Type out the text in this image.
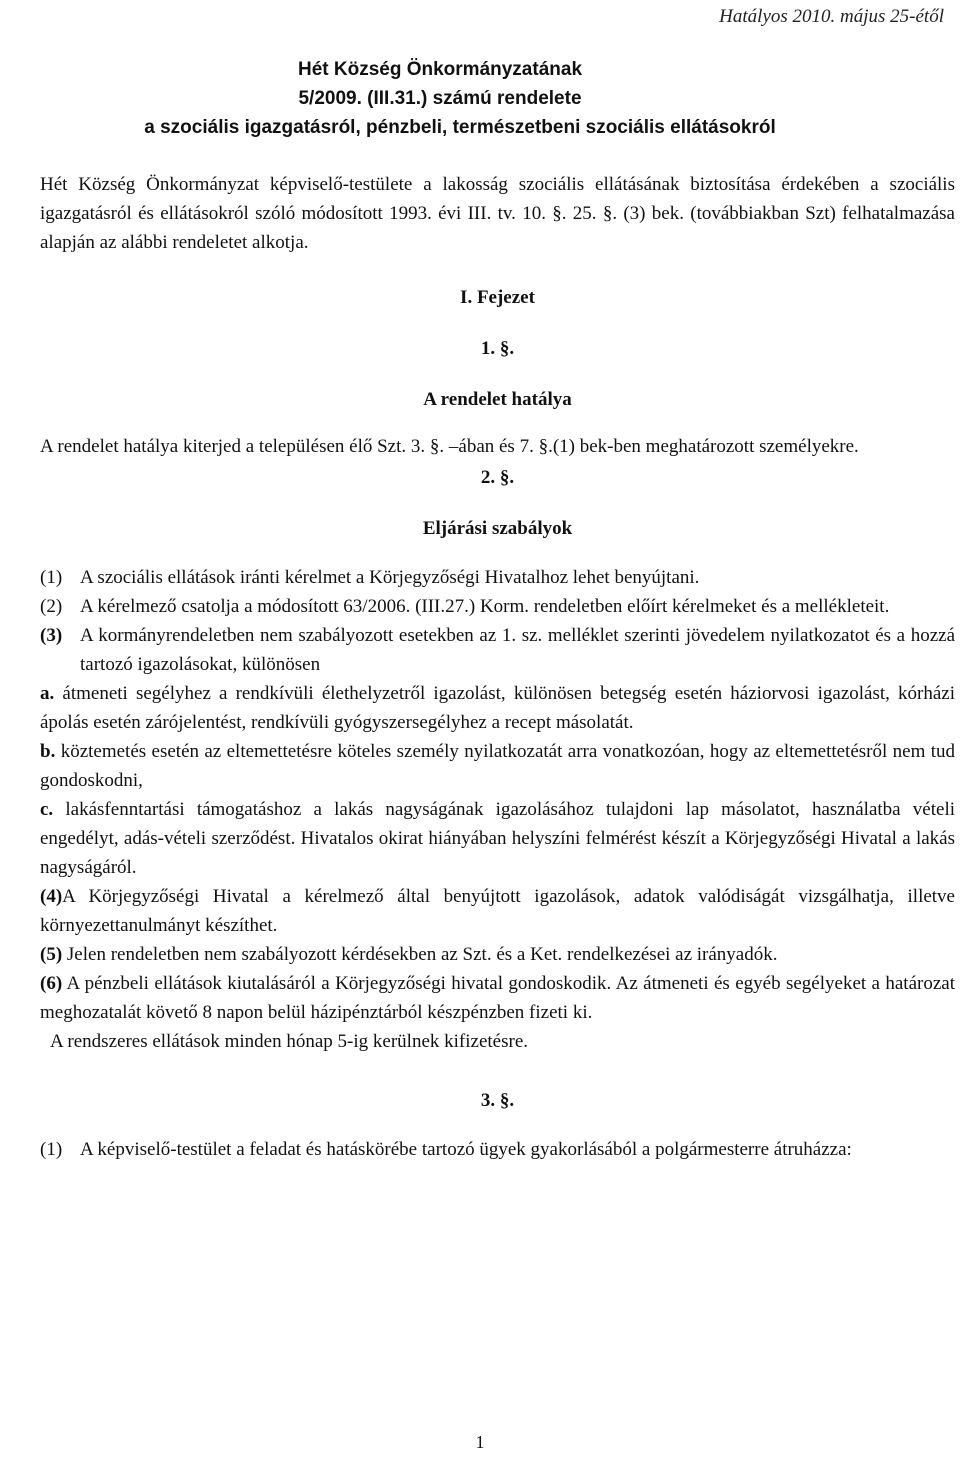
Hatályos 2010. május 25-étől
Hét Község Önkormányzatának
5/2009. (III.31.) számú rendelete
a szociális igazgatásról, pénzbeli, természetbeni szociális ellátásokról

Hét Község Önkormányzat képviselő-testülete a lakosság szociális ellátásának biztosítása érdekében a szociális igazgatásról és ellátásokról szóló módosított 1993. évi III. tv. 10. §. 25. §. (3) bek. (továbbiakban Szt) felhatalmazása alapján az alábbi rendeletet alkotja.

I. Fejezet

1. §.

A rendelet hatálya

A rendelet hatálya kiterjed a településen élő Szt. 3. §. –ában és 7. §.(1) bek-ben meghatározott személyekre.

2. §.

Eljárási szabályok

(1) A szociális ellátások iránti kérelmet a Körjegyzőségi Hivatalhoz lehet benyújtani.
(2) A kérelmező csatolja a módosított 63/2006. (III.27.) Korm. rendeletben előírt kérelmeket és a mellékleteit.
(3) A kormányrendeletben nem szabályozott esetekben az 1. sz. melléklet szerinti jövedelem nyilatkozatot és a hozzá tartozó igazolásokat, különösen

a. átmeneti segélyhez a rendkívüli élethelyzetről igazolást, különösen betegség esetén háziorvosi igazolást, kórházi ápolás esetén zárójelentést, rendkívüli gyógyszersegélyhez a recept másolatát.

b. köztemetés esetén az eltemettetésre köteles személy nyilatkozatát arra vonatkozóan, hogy az eltemettetésről nem tud gondoskodni,

c. lakásfenntartási támogatáshoz a lakás nagyságának igazolásához tulajdoni lap másolatot, használatba vételi engedélyt, adás-vételi szerződést. Hivatalos okirat hiányában helyszíni felmérést készít a Körjegyzőségi Hivatal a lakás nagyságáról.

(4)A Körjegyzőségi Hivatal a kérelmező által benyújtott igazolások, adatok valódiságát vizsgálhatja, illetve környezettanulmányt készíthet.

(5) Jelen rendeletben nem szabályozott kérdésekben az Szt. és a Ket. rendelkezései az irányadók.

(6) A pénzbeli ellátások kiutalásáról a Körjegyzőségi hivatal gondoskodik. Az átmeneti és egyéb segélyeket a határozat meghozatalát követő 8 napon belül házipénztárból készpénzben fizeti ki.

A rendszeres ellátások minden hónap 5-ig kerülnek kifizetésre.

3. §.

(1) A képviselő-testület a feladat és hatáskörébe tartozó ügyek gyakorlásából a polgármesterre átruházza:
1
